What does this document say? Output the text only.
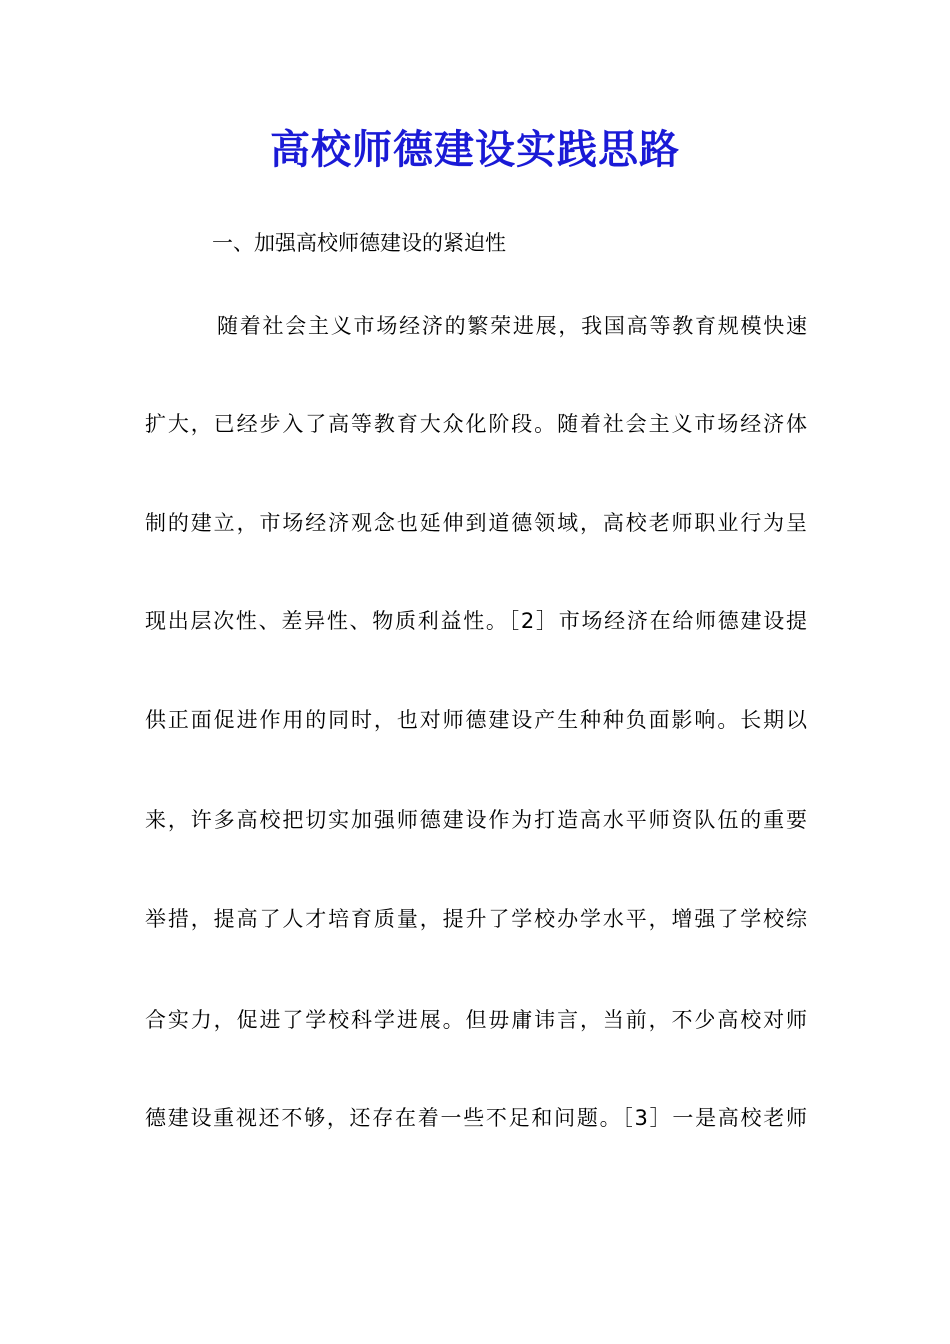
高校师德建设实践思路

一、加强高校师德建设的紧迫性

随着社会主义市场经济的繁荣进展，我国高等教育规模快速

扩大，已经步入了高等教育大众化阶段。随着社会主义市场经济体

制的建立，市场经济观念也延伸到道德领域，高校老师职业行为呈

现出层次性、差异性、物质利益性。［2］市场经济在给师德建设提

供正面促进作用的同时，也对师德建设产生种种负面影响。长期以

来，许多高校把切实加强师德建设作为打造高水平师资队伍的重要

举措，提高了人才培育质量，提升了学校办学水平，增强了学校综

合实力，促进了学校科学进展。但毋庸讳言，当前，不少高校对师

德建设重视还不够，还存在着一些不足和问题。［3］一是高校老师
